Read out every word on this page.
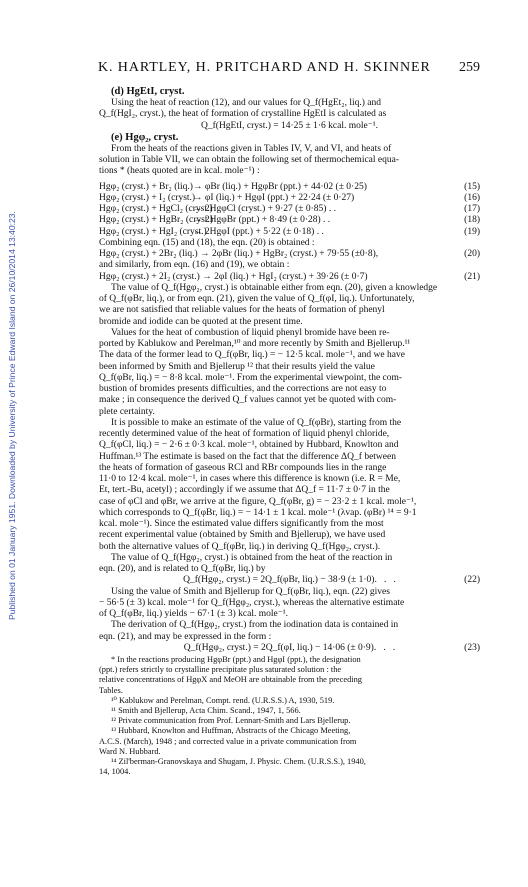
Published on 01 January 1951. Downloaded by University of Prince Edward Island on 26/10/2014 13:40:23.
K. HARTLEY, H. PRITCHARD AND H. SKINNER 259

(d) HgEtI, cryst.

Using the heat of reaction (12), and our values for Q_f(HgEt₂, liq.) and

Q_f(HgI₂, cryst.), the heat of formation of crystalline HgEtI is calculated as

Q_f(HgEtI, cryst.) = 14·25 ± 1·6 kcal. mole⁻¹.

(e) Hgφ₂, cryst.

From the heats of the reactions given in Tables IV, V, and VI, and heats of

solution in Table VII, we can obtain the following set of thermochemical equa-

tions * (heats quoted are in kcal. mole⁻¹) :

Hgφ₂ (cryst.) + Br₂ (liq.) → φBr (liq.) + HgφBr (ppt.) + 44·02 (± 0·25)	(15)
Hgφ₂ (cryst.) + I₂ (cryst.)
→ φI (liq.) + HgφI (ppt.) + 22·24 (± 0·27)	(16)
Hgφ₂ (cryst.) + HgCl₂ (cryst.)
→ 2HgφCl (cryst.) + 9·27 (± 0·85) . .	(17)
Hgφ₂ (cryst.) + HgBr₂ (cryst.)
→ 2HgφBr (ppt.) + 8·49 (± 0·28) . .	(18)
Hgφ₂ (cryst.) + HgI₂ (cryst.)
→ 2HgφI (ppt.) + 5·22 (± 0·18) . .	(19)

Combining eqn. (15) and (18), the eqn. (20) is obtained :

Hgφ₂ (cryst.) + 2Br₂ (liq.) → 2φBr (liq.) + HgBr₂ (cryst.) + 79·55 (±0·8),	(20)

and similarly, from eqn. (16) and (19), we obtain :

Hgφ₂ (cryst.) + 2I₂ (cryst.) → 2φI (liq.) + HgI₂ (cryst.) + 39·26 (± 0·7)	(21)

The value of Q_f(Hgφ₂, cryst.) is obtainable either from eqn. (20), given a knowledge

of Q_f(φBr, liq.), or from eqn. (21), given the value of Q_f(φI, liq.). Unfortunately,

we are not satisfied that reliable values for the heats of formation of phenyl

bromide and iodide can be quoted at the present time.

Values for the heat of combustion of liquid phenyl bromide have been re-

ported by Kablukow and Perelman,¹⁰ and more recently by Smith and Bjellerup.¹¹

The data of the former lead to Q_f(φBr, liq.) = − 12·5 kcal. mole⁻¹, and we have

been informed by Smith and Bjellerup ¹² that their results yield the value

Q_f(φBr, liq.) = − 8·8 kcal. mole⁻¹. From the experimental viewpoint, the com-

bustion of bromides presents difficulties, and the corrections are not easy to

make ; in consequence the derived Q_f values cannot yet be quoted with com-

plete certainty.

It is possible to make an estimate of the value of Q_f(φBr), starting from the

recently determined value of the heat of formation of liquid phenyl chloride,

Q_f(φCl, liq.) = − 2·6 ± 0·3 kcal. mole⁻¹, obtained by Hubbard, Knowlton and

Huffman.¹³ The estimate is based on the fact that the difference ΔQ_f between

the heats of formation of gaseous RCl and RBr compounds lies in the range

11·0 to 12·4 kcal. mole⁻¹, in cases where this difference is known (i.e. R = Me,

Et, tert.-Bu, acetyl) ; accordingly if we assume that ΔQ_f = 11·7 ± 0·7 in the

case of φCl and φBr, we arrive at the figure, Q_f(φBr, g) = − 23·2 ± 1 kcal. mole⁻¹,

which corresponds to Q_f(φBr, liq.) = − 14·1 ± 1 kcal. mole⁻¹ (λvap. (φBr) ¹⁴ = 9·1

kcal. mole⁻¹). Since the estimated value differs significantly from the most

recent experimental value (obtained by Smith and Bjellerup), we have used

both the alternative values of Q_f(φBr, liq.) in deriving Q_f(Hgφ₂, cryst.).

The value of Q_f(Hgφ₂, cryst.) is obtained from the heat of the reaction in

eqn. (20), and is related to Q_f(φBr, liq.) by

Q_f(Hgφ₂, cryst.) = 2Q_f(φBr, liq.) − 38·9 (± 1·0).   .   .	(22)

Using the value of Smith and Bjellerup for Q_f(φBr, liq.), eqn. (22) gives

− 56·5 (± 3) kcal. mole⁻¹ for Q_f(Hgφ₂, cryst.), whereas the alternative estimate

of Q_f(φBr, liq.) yields − 67·1 (± 3) kcal. mole⁻¹.

The derivation of Q_f(Hgφ₂, cryst.) from the iodination data is contained in

eqn. (21), and may be expressed in the form :

Q_f(Hgφ₂, cryst.) = 2Q_f(φI, liq.) − 14·06 (± 0·9).   .   .	(23)

* In the reactions producing HgφBr (ppt.) and HgφI (ppt.), the designation

(ppt.) refers strictly to crystalline precipitate plus saturated solution : the

relative concentrations of HgφX and MeOH are obtainable from the preceding

Tables.

¹⁰ Kablukow and Perelman, Compt. rend. (U.R.S.S.) A, 1930, 519.

¹¹ Smith and Bjellerup, Acta Chim. Scand., 1947, 1, 566.

¹² Private communication from Prof. Lennart-Smith and Lars Bjellerup.

¹³ Hubbard, Knowlton and Huffman, Abstracts of the Chicago Meeting,

A.C.S. (March), 1948 ; and corrected value in a private communication from

Ward N. Hubbard.

¹⁴ Zil'berman-Granovskaya and Shugam, J. Physic. Chem. (U.R.S.S.), 1940,

14, 1004.
